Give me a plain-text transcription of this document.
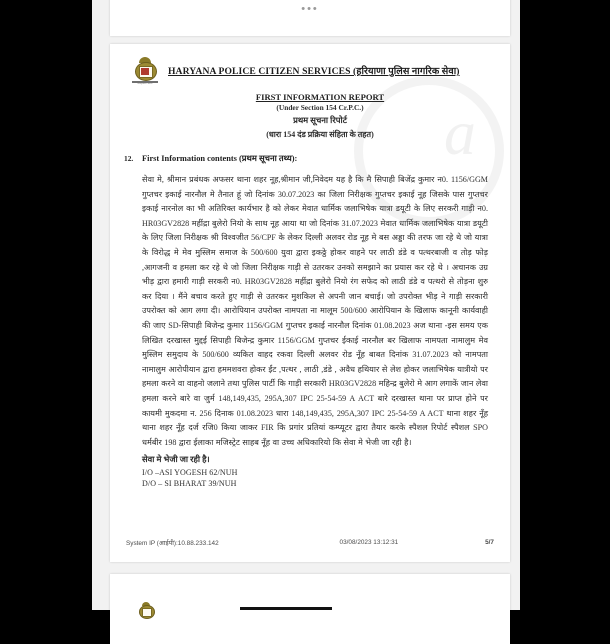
•••
a
Haryana Police
HARYANA POLICE CITIZEN SERVICES (हरियाणा पुलिस नागरिक सेवा)
FIRST INFORMATION REPORT
(Under Section 154 Cr.P.C.)
प्रथम सूचना रिपोर्ट
(धारा 154 दंड प्रक्रिया संहिता के तहत)
12.	First Information contents (प्रथम सूचना तथ्य):
सेवा मे, श्रीमान प्रबंधक अफसर थाना शहर नूह,श्रीमान जी,निवेदम यह है कि मै सिपाही बिजेंद्र कुमार न0. 1156/GGM गुप्तचर इकाई नारनौल मे तैनात हूं जो दिनांक 30.07.2023 का जिला निरीक्षक गुप्तचर इकाई नूह जिसके पास गुप्तचर इकाई नारनोल का भी अतिरिक्त कार्यभार है को लेकर मेवात धार्मिक जलाभिषेक यात्रा डयूटी के लिए सरकरी गाड़ी न0. HR03GV2828 महींद्रा बुलेरो नियो के साथ नूह आया था जो दिनांक 31.07.2023 मेवात धार्मिक जलाभिषेक यात्रा डयूटी के लिए जिला निरीक्षक श्री विश्वजीत 56/CPF के लेकर दिल्ली अलवर रोड नूह मे बस अड्डा की तरफ जा रहे थे जो यात्रा के विरोद्ध मे मेव मुस्लिम समाज के 500/600 युवा द्वारा इकठ्ठे होकर वाहने पर लाठी डंडे व पत्थरबाजी व तोड़ फोड़ ,आगजनी व हमला कर रहे थे जो जिला निरीक्षक गाड़ी से उतरकर उनको समझाने का प्रयास कर रहे थे । अचानक उग्र भीड़ द्वारा हमारी गाड़ी सरकरी न0. HR03GV2828 महींद्रा बुलेरो नियो रंग सफेद को लाठी डंडे व पत्थरो से तोड़ना शुरु कर दिया । मैंने बचाव करते हुए गाड़ी से उतरकर मुशकिल से अपनी जान बचाई। जो उपरोक्त भीड़ ने गाड़ी सरकारी उपरोक्त को आग लगा दी। आरोपियान उपरोक्त नामपता ना मालूम 500/600 आरोपियान के खिलाफ कानूनी कार्यवाही की जाए SD-सिपाही बिजेन्द्र कुमार 1156/GGM गुप्तचर इकाई नारनौल दिनांक 01.08.2023 अज थाना -इस समय एक लिखित दरखास्त मुद्दई सिपाही बिजेन्द्र कुमार 1156/GGM गुप्तचर ईकाई नारनौल बर खिलाफ नामपता नामालुम मेव मुस्लिम समुदाय के 500/600 व्यकित वाहद रकवा दिल्ली अलवर रोड नूँह बाबत दिनांक 31.07.2023 को नामपता नामालुम आरोपीयान द्वारा हममशवरा होकर ईंट ,पत्थर , लाठी ,डंडे , अवैध हथियार से लेश होकर जलाभिषेक यात्रीयो पर हमला करने वा वाहनो जलाने तथा पुलिस पार्टी कि गाड़ी सरकारी HR03GV2828 महिन्द्र बुलेरो मे आग लगाकें जान लेवा हमला करने बारे वा जुर्म 148,149,435, 295A,307 IPC 25-54-59 A ACT बारे दरखास्त थाना पर प्राप्त होने पर कायमी मुकदमा न. 256 दिनाक 01.08.2023 धारा 148,149,435, 295A,307 IPC 25-54-59 A ACT थाना शहर नूँह थाना शहर नूँह दर्ज रजि0 किया जाकर FIR कि प्रगांर प्रतियां कम्प्यूटर द्वारा तैयार करके स्पैशल रिपोर्ट स्पैशल SPO धर्मबीर 198 द्वारा ईलाका मजिस्ट्रेट साहब नूँह वा उच्च अधिकारियो कि सेवा मे भेजी जा रही है।
सेवा मे भेजी जा रही है।
I/O –ASI YOGESH 62/NUH
D/O – SI BHARAT 39/NUH
System IP (आईपी):10.88.233.142	03/08/2023 13:12:31	5/7
